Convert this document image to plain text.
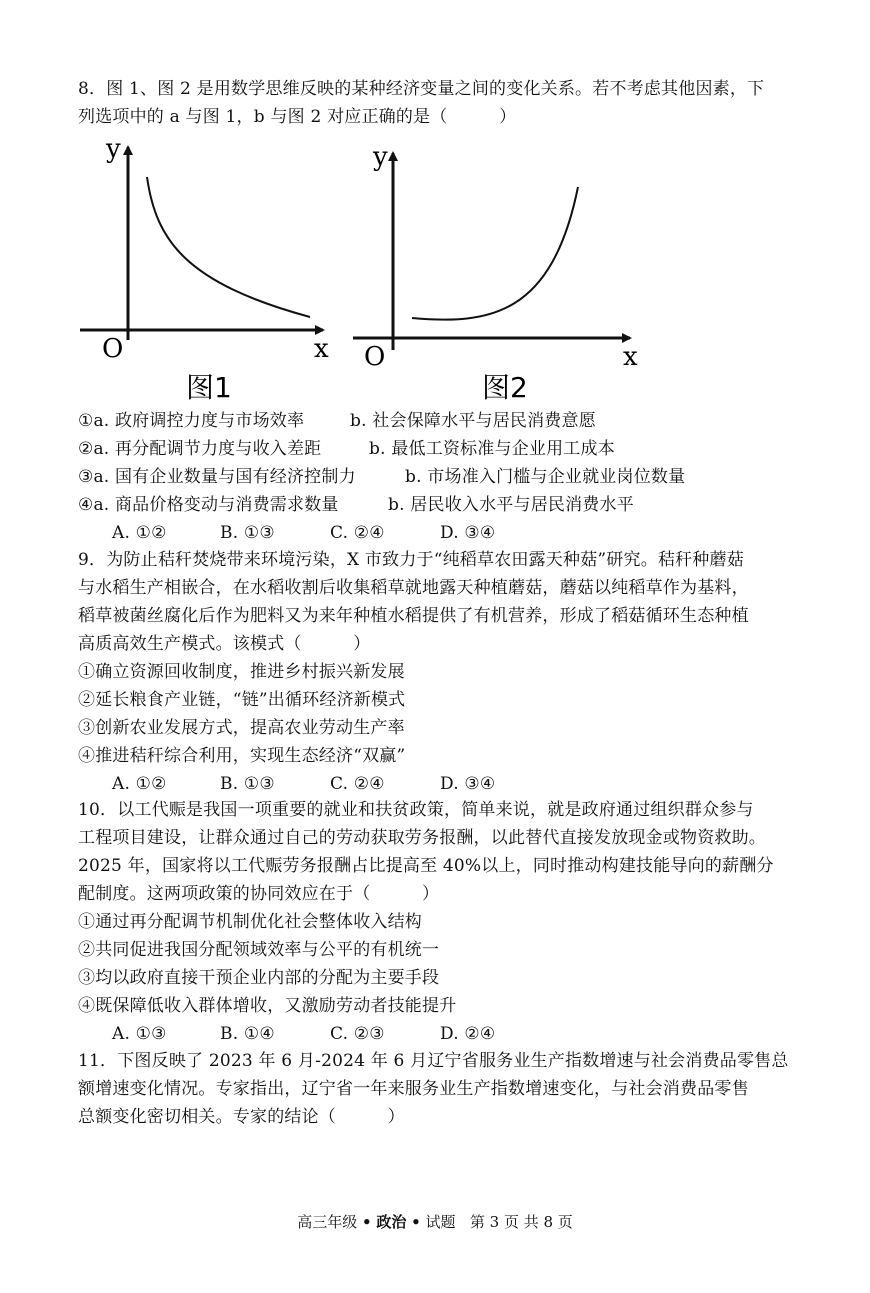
8．图 1、图 2 是用数学思维反映的某种经济变量之间的变化关系。若不考虑其他因素，下
列选项中的 a 与图 1，b 与图 2 对应正确的是（　　　）
y
x
O
图1
y
x
O
图2
①a. 政府调控力度与市场效率	b. 社会保障水平与居民消费意愿
②a. 再分配调节力度与收入差距	b. 最低工资标准与企业用工成本
③a. 国有企业数量与国有经济控制力	b. 市场准入门槛与企业就业岗位数量
④a. 商品价格变动与消费需求数量	b. 居民收入水平与居民消费水平
A. ①②	B. ①③	C. ②④	D. ③④
9．为防止秸秆焚烧带来环境污染，X 市致力于“纯稻草农田露天种菇”研究。秸秆种蘑菇
与水稻生产相嵌合，在水稻收割后收集稻草就地露天种植蘑菇，蘑菇以纯稻草作为基料，
稻草被菌丝腐化后作为肥料又为来年种植水稻提供了有机营养，形成了稻菇循环生态种植
高质高效生产模式。该模式（　　　）
①确立资源回收制度，推进乡村振兴新发展
②延长粮食产业链，“链”出循环经济新模式
③创新农业发展方式，提高农业劳动生产率
④推进秸秆综合利用，实现生态经济“双赢”
A. ①②	B. ①③	C. ②④	D. ③④
10．以工代赈是我国一项重要的就业和扶贫政策，简单来说，就是政府通过组织群众参与
工程项目建设，让群众通过自己的劳动获取劳务报酬，以此替代直接发放现金或物资救助。
2025 年，国家将以工代赈劳务报酬占比提高至 40%以上，同时推动构建技能导向的薪酬分
配制度。这两项政策的协同效应在于（　　　）
①通过再分配调节机制优化社会整体收入结构
②共同促进我国分配领域效率与公平的有机统一
③均以政府直接干预企业内部的分配为主要手段
④既保障低收入群体增收，又激励劳动者技能提升
A. ①③	B. ①④	C. ②③	D. ②④
11．下图反映了 2023 年 6 月-2024 年 6 月辽宁省服务业生产指数增速与社会消费品零售总
额增速变化情况。专家指出，辽宁省一年来服务业生产指数增速变化，与社会消费品零售
总额变化密切相关。专家的结论（　　　）
高三年级 • 政治 • 试题 第 3 页 共 8 页
